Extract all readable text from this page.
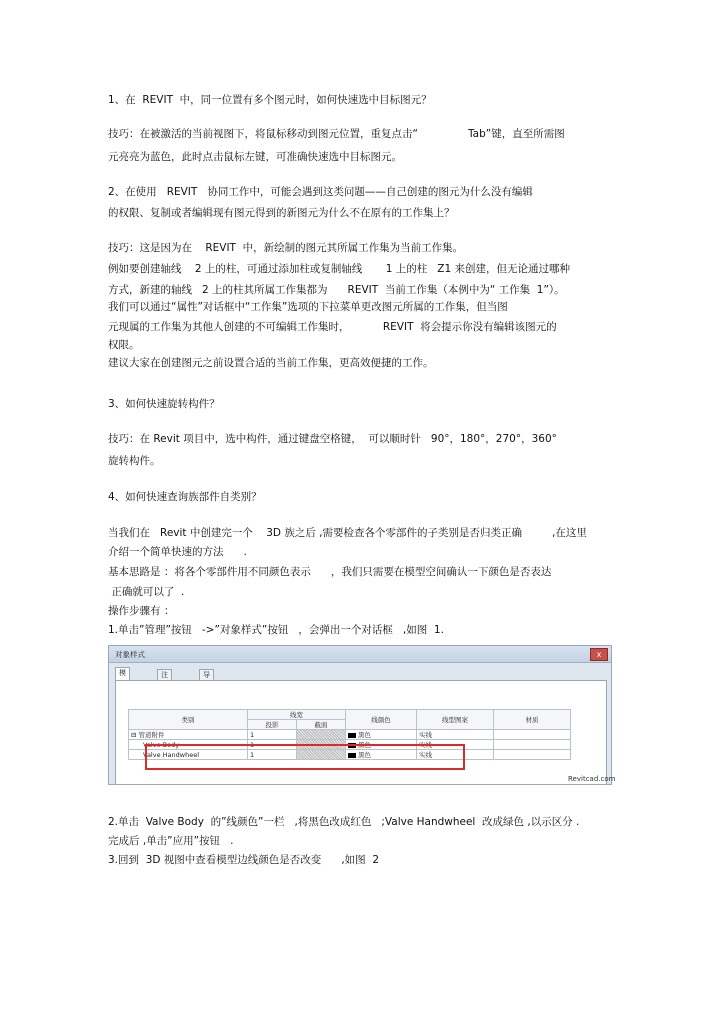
1、在  REVIT  中，同一位置有多个图元时，如何快速选中目标图元？
技巧：在被激活的当前视图下，将鼠标移动到图元位置，重复点击“               Tab”键，直至所需图
元亮亮为蓝色，此时点击鼠标左键，可准确快速选中目标图元。
2、在使用   REVIT   协同工作中，可能会遇到这类问题——自己创建的图元为什么没有编辑
的权限、复制或者编辑现有图元得到的新图元为什么不在原有的工作集上？
技巧：这是因为在    REVIT  中，新绘制的图元其所属工作集为当前工作集。
例如要创建轴线    2 上的柱，可通过添加柱或复制轴线       1 上的柱   Z1 来创建，但无论通过哪种
方式，新建的轴线   2 上的柱其所属工作集都为      REVIT  当前工作集（本例中为“ 工作集  1”）。
我们可以通过“属性”对话框中“工作集”选项的下拉菜单更改图元所属的工作集，但当图
元现属的工作集为其他人创建的不可编辑工作集时，          REVIT  将会提示你没有编辑该图元的
权限。
建议大家在创建图元之前设置合适的当前工作集，更高效便捷的工作。
3、如何快速旋转构件？
技巧：在 Revit 项目中，选中构件，通过键盘空格键，  可以顺时针   90°，180°，270°，360°
旋转构件。
4、如何快速查询族部件自类别？
当我们在   Revit 中创建完一个    3D 族之后 ,需要检查各个零部件的子类别是否归类正确         ,在这里
介绍一个简单快速的方法      .
基本思路是 ：将各个零部件用不同颜色表示      ，我们只需要在模型空间确认一下颜色是否表达
正确就可以了  .
操作步骤有 ：
1.单击”管理”按钮   ->”对象样式”按钮   ，会弹出一个对话框   ,如图  1.
对象样式	x
模	注	导
类别	线宽		线颜色	线型图案	材质
	投影	截面			
⊟ 管道附件	1		黑色	实线	
Valve Body	1		黑色	实线	
Valve Handwheel	1		黑色	实线	
Revitcad.com
2.单击  Valve Body  的”线颜色”一栏   ,将黑色改成红色   ;Valve Handwheel  改成绿色 ,以示区分 .
完成后 ,单击”应用”按钮   .
3.回到  3D 视图中查看模型边线颜色是否改变      ,如图  2
